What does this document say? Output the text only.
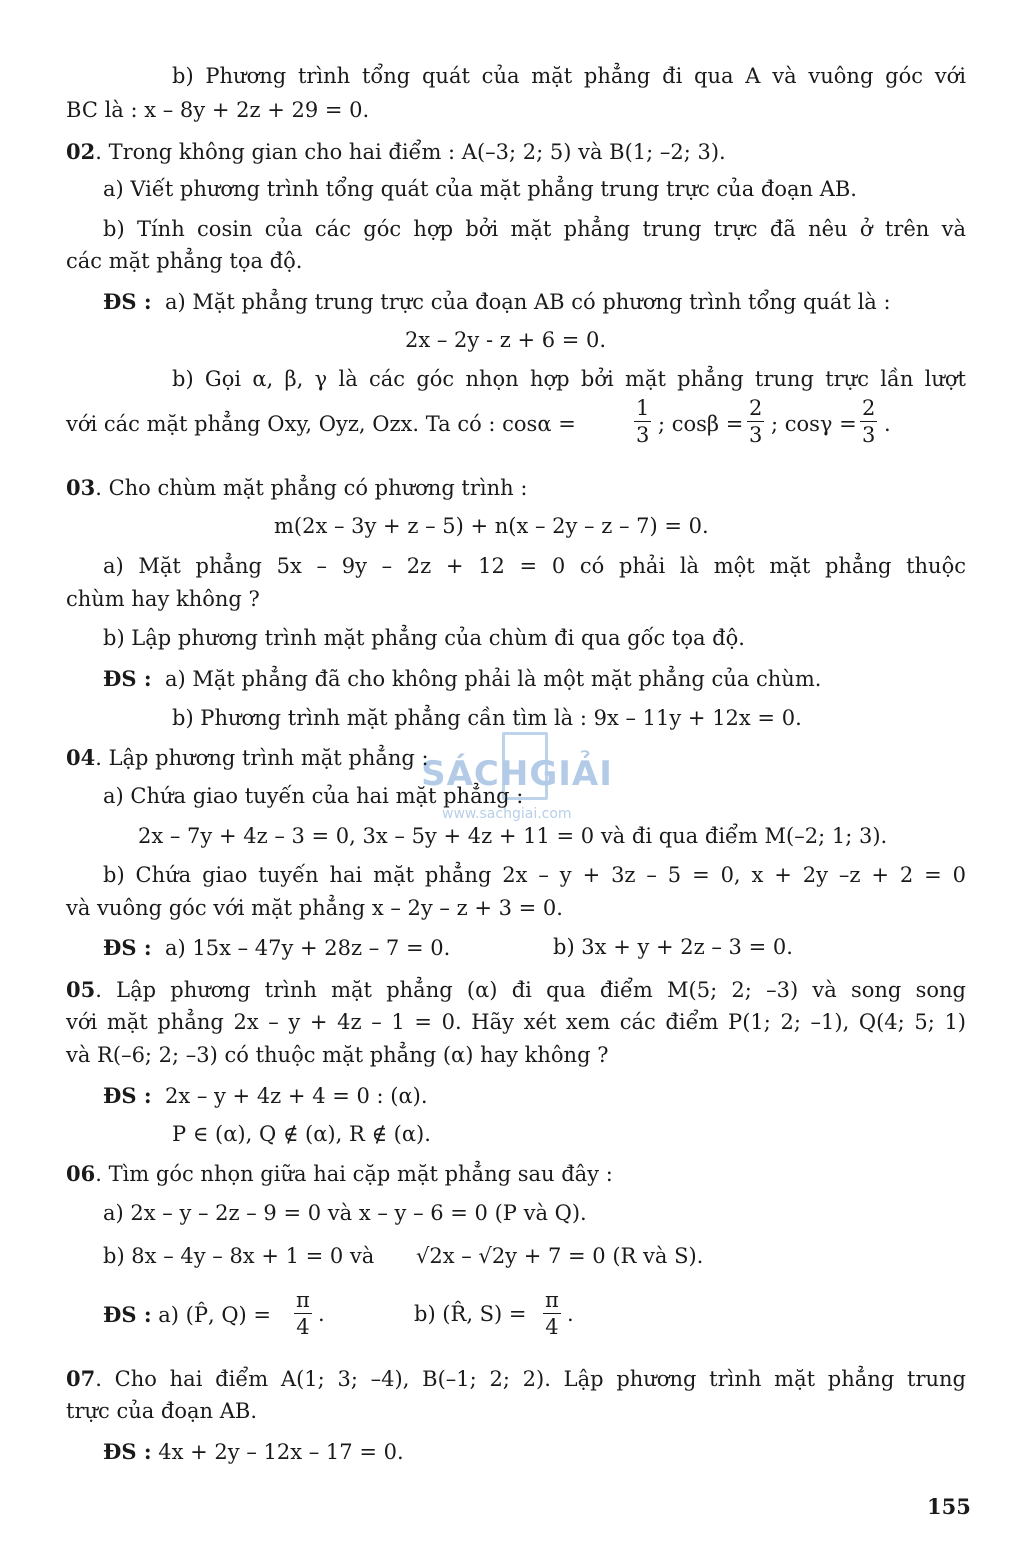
b) Phương trình tổng quát của mặt phẳng đi qua A và vuông góc với
BC là : x – 8y + 2z + 29 = 0.
02. Trong không gian cho hai điểm : A(–3; 2; 5) và B(1; –2; 3).
a) Viết phương trình tổng quát của mặt phẳng trung trực của đoạn AB.
b) Tính cosin của các góc hợp bởi mặt phẳng trung trực đã nêu ở trên và
các mặt phẳng tọa độ.
ĐS : a) Mặt phẳng trung trực của đoạn AB có phương trình tổng quát là :
2x – 2y - z + 6 = 0.
b) Gọi α, β, γ là các góc nhọn hợp bởi mặt phẳng trung trực lần lượt
với các mặt phẳng Oxy, Oyz, Ozx. Ta có : cosα =	$\frac{1}{3}$ ; $\cos\beta = \frac{2}{3}$ ; $\cos\gamma = \frac{2}{3}$ .
03. Cho chùm mặt phẳng có phương trình :
m(2x – 3y + z – 5) + n(x – 2y – z – 7) = 0.
a) Mặt phẳng 5x – 9y – 2z + 12 = 0 có phải là một mặt phẳng thuộc
chùm hay không ?
b) Lập phương trình mặt phẳng của chùm đi qua gốc tọa độ.
ĐS : a) Mặt phẳng đã cho không phải là một mặt phẳng của chùm.
b) Phương trình mặt phẳng cần tìm là : 9x – 11y + 12x = 0.
SÁCHGIẢI
www.sachgiai.com
04. Lập phương trình mặt phẳng :
a) Chứa giao tuyến của hai mặt phẳng :
2x – 7y + 4z – 3 = 0, 3x – 5y + 4z + 11 = 0 và đi qua điểm M(–2; 1; 3).
b) Chứa giao tuyến hai mặt phẳng 2x – y + 3z – 5 = 0, x + 2y –z + 2 = 0
và vuông góc với mặt phẳng x – 2y – z + 3 = 0.
ĐS : a) 15x – 47y + 28z – 7 = 0.	b) 3x + y + 2z – 3 = 0.
05. Lập phương trình mặt phẳng (α) đi qua điểm M(5; 2; –3) và song song
với mặt phẳng 2x – y + 4z – 1 = 0. Hãy xét xem các điểm P(1; 2; –1), Q(4; 5; 1)
và R(–6; 2; –3) có thuộc mặt phẳng (α) hay không ?
ĐS : 2x – y + 4z + 4 = 0 : (α).
P ∈ (α), Q ∉ (α), R ∉ (α).
06. Tìm góc nhọn giữa hai cặp mặt phẳng sau đây :
a) 2x – y – 2z – 9 = 0 và x – y – 6 = 0 (P và Q).
b) 8x – 4y – 8x + 1 = 0 và √2x – √2y + 7 = 0 (R và S).
ĐS : a) (P̂, $Q) = \frac{\pi}{4}$ .	b) (R̂, $S) = \frac{\pi}{4}$ .
07. Cho hai điểm A(1; 3; –4), B(–1; 2; 2). Lập phương trình mặt phẳng trung
trực của đoạn AB.
ĐS : 4x + 2y – 12x – 17 = 0.
155
